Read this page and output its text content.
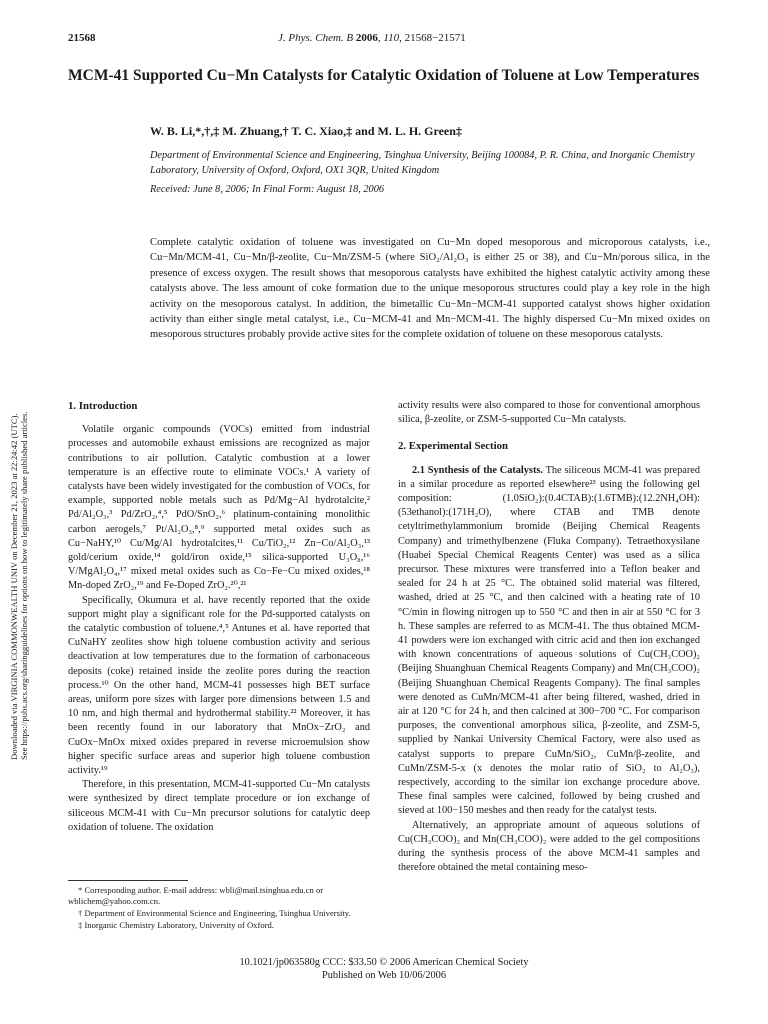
21568	J. Phys. Chem. B 2006, 110, 21568−21571
MCM-41 Supported Cu−Mn Catalysts for Catalytic Oxidation of Toluene at Low Temperatures
W. B. Li,*,†,‡ M. Zhuang,† T. C. Xiao,‡ and M. L. H. Green‡
Department of Environmental Science and Engineering, Tsinghua University, Beijing 100084, P. R. China, and Inorganic Chemistry Laboratory, University of Oxford, Oxford, OX1 3QR, United Kingdom
Received: June 8, 2006; In Final Form: August 18, 2006
Complete catalytic oxidation of toluene was investigated on Cu−Mn doped mesoporous and microporous catalysts, i.e., Cu−Mn/MCM-41, Cu−Mn/β-zeolite, Cu−Mn/ZSM-5 (where SiO₂/Al₂O₃ is either 25 or 38), and Cu−Mn/porous silica, in the presence of excess oxygen. The result shows that mesoporous catalysts have exhibited the highest catalytic activity among these catalysts above. The less amount of coke formation due to the unique mesoporous structures could play a key role in the high activity on the mesoporous catalyst. In addition, the bimetallic Cu−Mn−MCM-41 supported catalyst shows higher oxidation activity than either single metal catalyst, i.e., Cu−MCM-41 and Mn−MCM-41. The highly dispersed Cu−Mn mixed oxides on mesoporous structures probably provide active sites for the complete oxidation of toluene on these mesoporous catalysts.
Downloaded via VIRGINIA COMMONWEALTH UNIV on December 21, 2023 at 22:24:42 (UTC). See https://pubs.acs.org/sharingguidelines for options on how to legitimately share published articles.

1. Introduction

Volatile organic compounds (VOCs) emitted from industrial processes and automobile exhaust emissions are recognized as major contributions to air pollution. Catalytic combustion at a lower temperature is an effective route to eliminate VOCs.¹ A variety of catalysts have been widely investigated for the combustion of VOCs, for example, supported noble metals such as Pd/Mg−Al hydrotalcite,² Pd/Al₂O₃,³ Pd/ZrO₂,⁴,⁵ PdO/SnO₂,⁶ platinum-containing monolithic carbon aerogels,⁷ Pt/Al₂O₃,⁸,⁹ supported metal oxides such as Cu−NaHY,¹⁰ Cu/Mg/Al hydrotalcites,¹¹ Cu/TiO₂,¹² Zn−Co/Al₂O₃,¹³ gold/cerium oxide,¹⁴ gold/iron oxide,¹⁵ silica-supported U₃O₈,¹⁶ V/MgAl₂O₄,¹⁷ mixed metal oxides such as Co−Fe−Cu mixed oxides,¹⁸ Mn-doped ZrO₂,¹⁹ and Fe-Doped ZrO₂.²⁰,²¹

Specifically, Okumura et al. have recently reported that the oxide support might play a significant role for the Pd-supported catalysts on the catalytic combustion of toluene.⁴,⁵ Antunes et al. have reported that CuNaHY zeolites show high toluene combustion activity and serious deactivation at low temperatures due to the formation of carbonaceous deposits (coke) retained inside the zeolite pores during the reaction process.¹⁰ On the other hand, MCM-41 possesses high BET surface areas, uniform pore sizes with larger pore dimensions between 1.5 and 10 nm, and high thermal and hydrothermal stability.²² Moreover, it has been recently found in our laboratory that MnOx−ZrO₂ and CuOx−MnOx mixed oxides prepared in reverse microemulsion show higher specific surface areas and superior high toluene combustion activity.¹⁹

Therefore, in this presentation, MCM-41-supported Cu−Mn catalysts were synthesized by direct template procedure or ion exchange of siliceous MCM-41 with Cu−Mn precursor solutions for catalytic deep oxidation of toluene. The oxidation

activity results were also compared to those for conventional amorphous silica, β-zeolite, or ZSM-5-supported Cu−Mn catalysts.

2. Experimental Section

2.1 Synthesis of the Catalysts. The siliceous MCM-41 was prepared in a similar procedure as reported elsewhere²³ using the following gel composition: (1.0SiO₂):(0.4CTAB):(1.6TMB):(12.2NH₄OH):(53ethanol):(171H₂O), where CTAB and TMB denote cetyltrimethylammonium bromide (Beijing Chemical Reagents Company) and trimethylbenzene (Fluka Company). Tetraethoxysilane (Huabei Special Chemical Reagents Center) was used as a silica precursor. These mixtures were transferred into a Teflon beaker and sealed for 24 h at 25 °C. The obtained solid material was filtered, washed, dried at 25 °C, and then calcined with a heating rate of 10 °C/min in flowing nitrogen up to 550 °C and then in air at 550 °C for 3 h. These samples are referred to as MCM-41. The thus obtained MCM-41 powders were ion exchanged with citric acid and then ion exchanged with known concentrations of aqueous solutions of Cu(CH₃COO)₂ (Beijing Shuanghuan Chemical Reagents Company) and Mn(CH₃COO)₂ (Beijing Shuanghuan Chemical Reagents Company). The final samples were denoted as CuMn/MCM-41 after being filtered, washed, dried in air at 120 °C for 24 h, and then calcined at 300−700 °C. For comparison purposes, the conventional amorphous silica, β-zeolite, and ZSM-5, supplied by Nankai University Chemical Factory, were also used as catalyst supports to prepare CuMn/SiO₂, CuMn/β-zeolite, and CuMn/ZSM-5-x (x denotes the molar ratio of SiO₂ to Al₂O₃), respectively, according to the similar ion exchange procedure above. These final samples were calcined, followed by being crushed and sieved at 100−150 meshes and then ready for the catalyst tests.

Alternatively, an appropriate amount of aqueous solutions of Cu(CH₃COO)₂ and Mn(CH₃COO)₂ were added to the gel compositions during the synthesis process of the above MCM-41 samples and therefore obtained the metal containing meso-

* Corresponding author. E-mail address: wbli@mail.tsinghua.edu.cn or wblichem@yahoo.com.cn.

† Department of Environmental Science and Engineering, Tsinghua University.

‡ Inorganic Chemistry Laboratory, University of Oxford.

10.1021/jp063580g CCC: $33.50 © 2006 American Chemical Society
Published on Web 10/06/2006
